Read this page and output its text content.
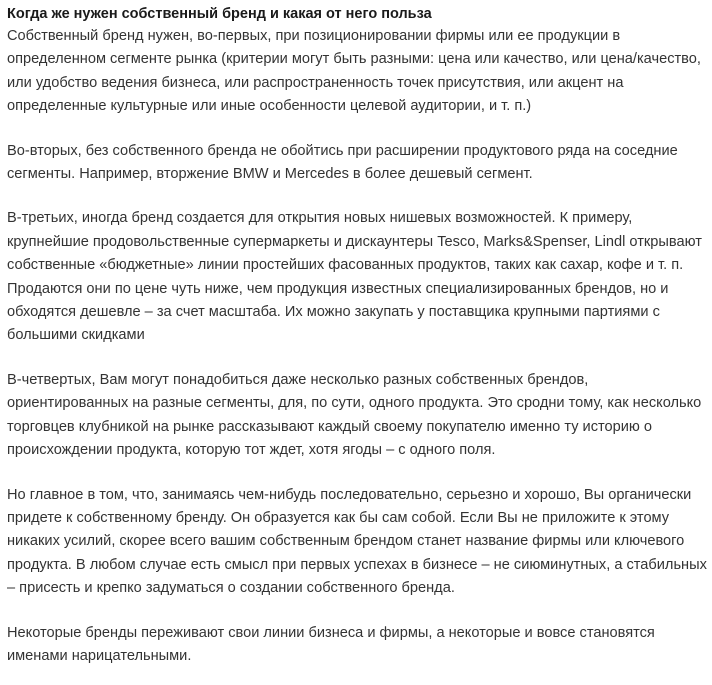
Когда же нужен собственный бренд и какая от него польза

Собственный бренд нужен, во-первых, при позиционировании фирмы или ее продукции в определенном сегменте рынка (критерии могут быть разными: цена или качество, или цена/качество, или удобство ведения бизнеса, или распространенность точек присутствия, или акцент на определенные культурные или иные особенности целевой аудитории, и т. п.)

Во-вторых, без собственного бренда не обойтись при расширении продуктового ряда на соседние сегменты. Например, вторжение BMW и Mercedes в более дешевый сегмент.

В-третьих, иногда бренд создается для открытия новых нишевых возможностей. К примеру, крупнейшие продовольственные супермаркеты и дискаунтеры Tesco, Marks&Spenser, Lindl открывают собственные «бюджетные» линии простейших фасованных продуктов, таких как сахар, кофе и т. п. Продаются они по цене чуть ниже, чем продукция известных специализированных брендов, но и обходятся дешевле – за счет масштаба. Их можно закупать у поставщика крупными партиями с большими скидками

В-четвертых, Вам могут понадобиться даже несколько разных собственных брендов, ориентированных на разные сегменты, для, по сути, одного продукта. Это сродни тому, как несколько торговцев клубникой на рынке рассказывают каждый своему покупателю именно ту историю о происхождении продукта, которую тот ждет, хотя ягоды – с одного поля.

Но главное в том, что, занимаясь чем-нибудь последовательно, серьезно и хорошо, Вы органически придете к собственному бренду. Он образуется как бы сам собой. Если Вы не приложите к этому никаких усилий, скорее всего вашим собственным брендом станет название фирмы или ключевого продукта. В любом случае есть смысл при первых успехах в бизнесе – не сиюминутных, а стабильных – присесть и крепко задуматься о создании собственного бренда.

Некоторые бренды переживают свои линии бизнеса и фирмы, а некоторые и вовсе становятся именами нарицательными.
